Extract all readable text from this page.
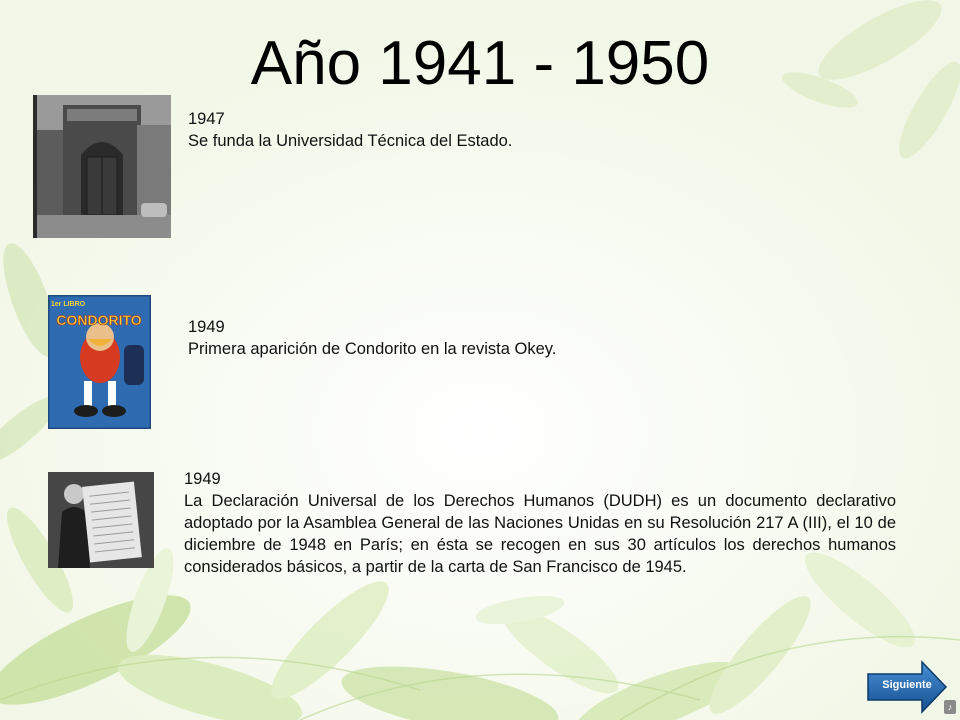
Año 1941 - 1950
1947
Se funda la Universidad Técnica del Estado.
CONDORITO
1er LIBRO
1949
Primera aparición de Condorito en la revista Okey.
1949
La Declaración Universal de los Derechos Humanos (DUDH) es un documento declarativo adoptado por la Asamblea General de las Naciones Unidas en su Resolución 217 A (III), el 10 de diciembre de 1948 en París; en ésta se recogen en sus 30 artículos los derechos humanos considerados básicos, a partir de la carta de San Francisco de 1945.
Siguiente
♪
